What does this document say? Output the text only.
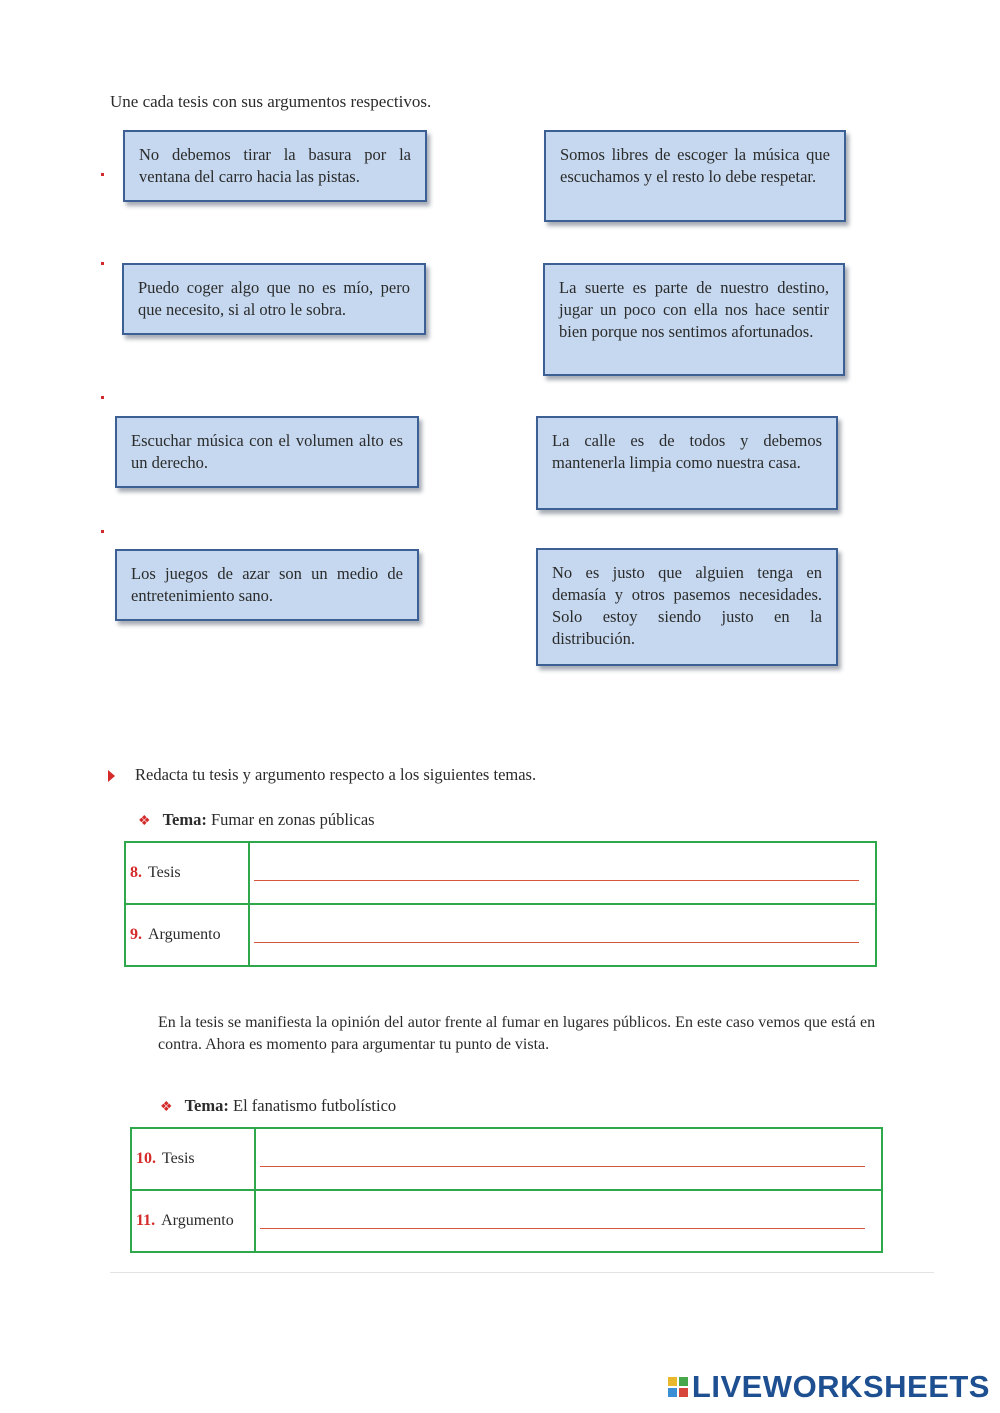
Une cada tesis con sus argumentos respectivos.
No debemos tirar la basura por la ventana del carro hacia las pistas.
Puedo coger algo que no es mío, pero que necesito, si al otro le sobra.
Escuchar música con el volumen alto es un derecho.
Los juegos de azar son un medio de entretenimiento sano.
Somos libres de escoger la música que escuchamos y el resto lo debe respetar.
La suerte es parte de nuestro destino, jugar un poco con ella nos hace sentir bien porque nos sentimos afortunados.
La calle es de todos y debemos mantenerla limpia como nuestra casa.
No es justo que alguien tenga en demasía y otros pasemos necesidades. Solo estoy siendo justo en la distribución.
Redacta tu tesis y argumento respecto a los siguientes temas.
❖ Tema: Fumar en zonas públicas
8. Tesis	

9. Argumento	
En la tesis se manifiesta la opinión del autor frente al fumar en lugares públicos. En este caso vemos que está en contra. Ahora es momento para argumentar tu punto de vista.
❖ Tema: El fanatismo futbolístico
10. Tesis	

11. Argumento	
LIVEWORKSHEETS
